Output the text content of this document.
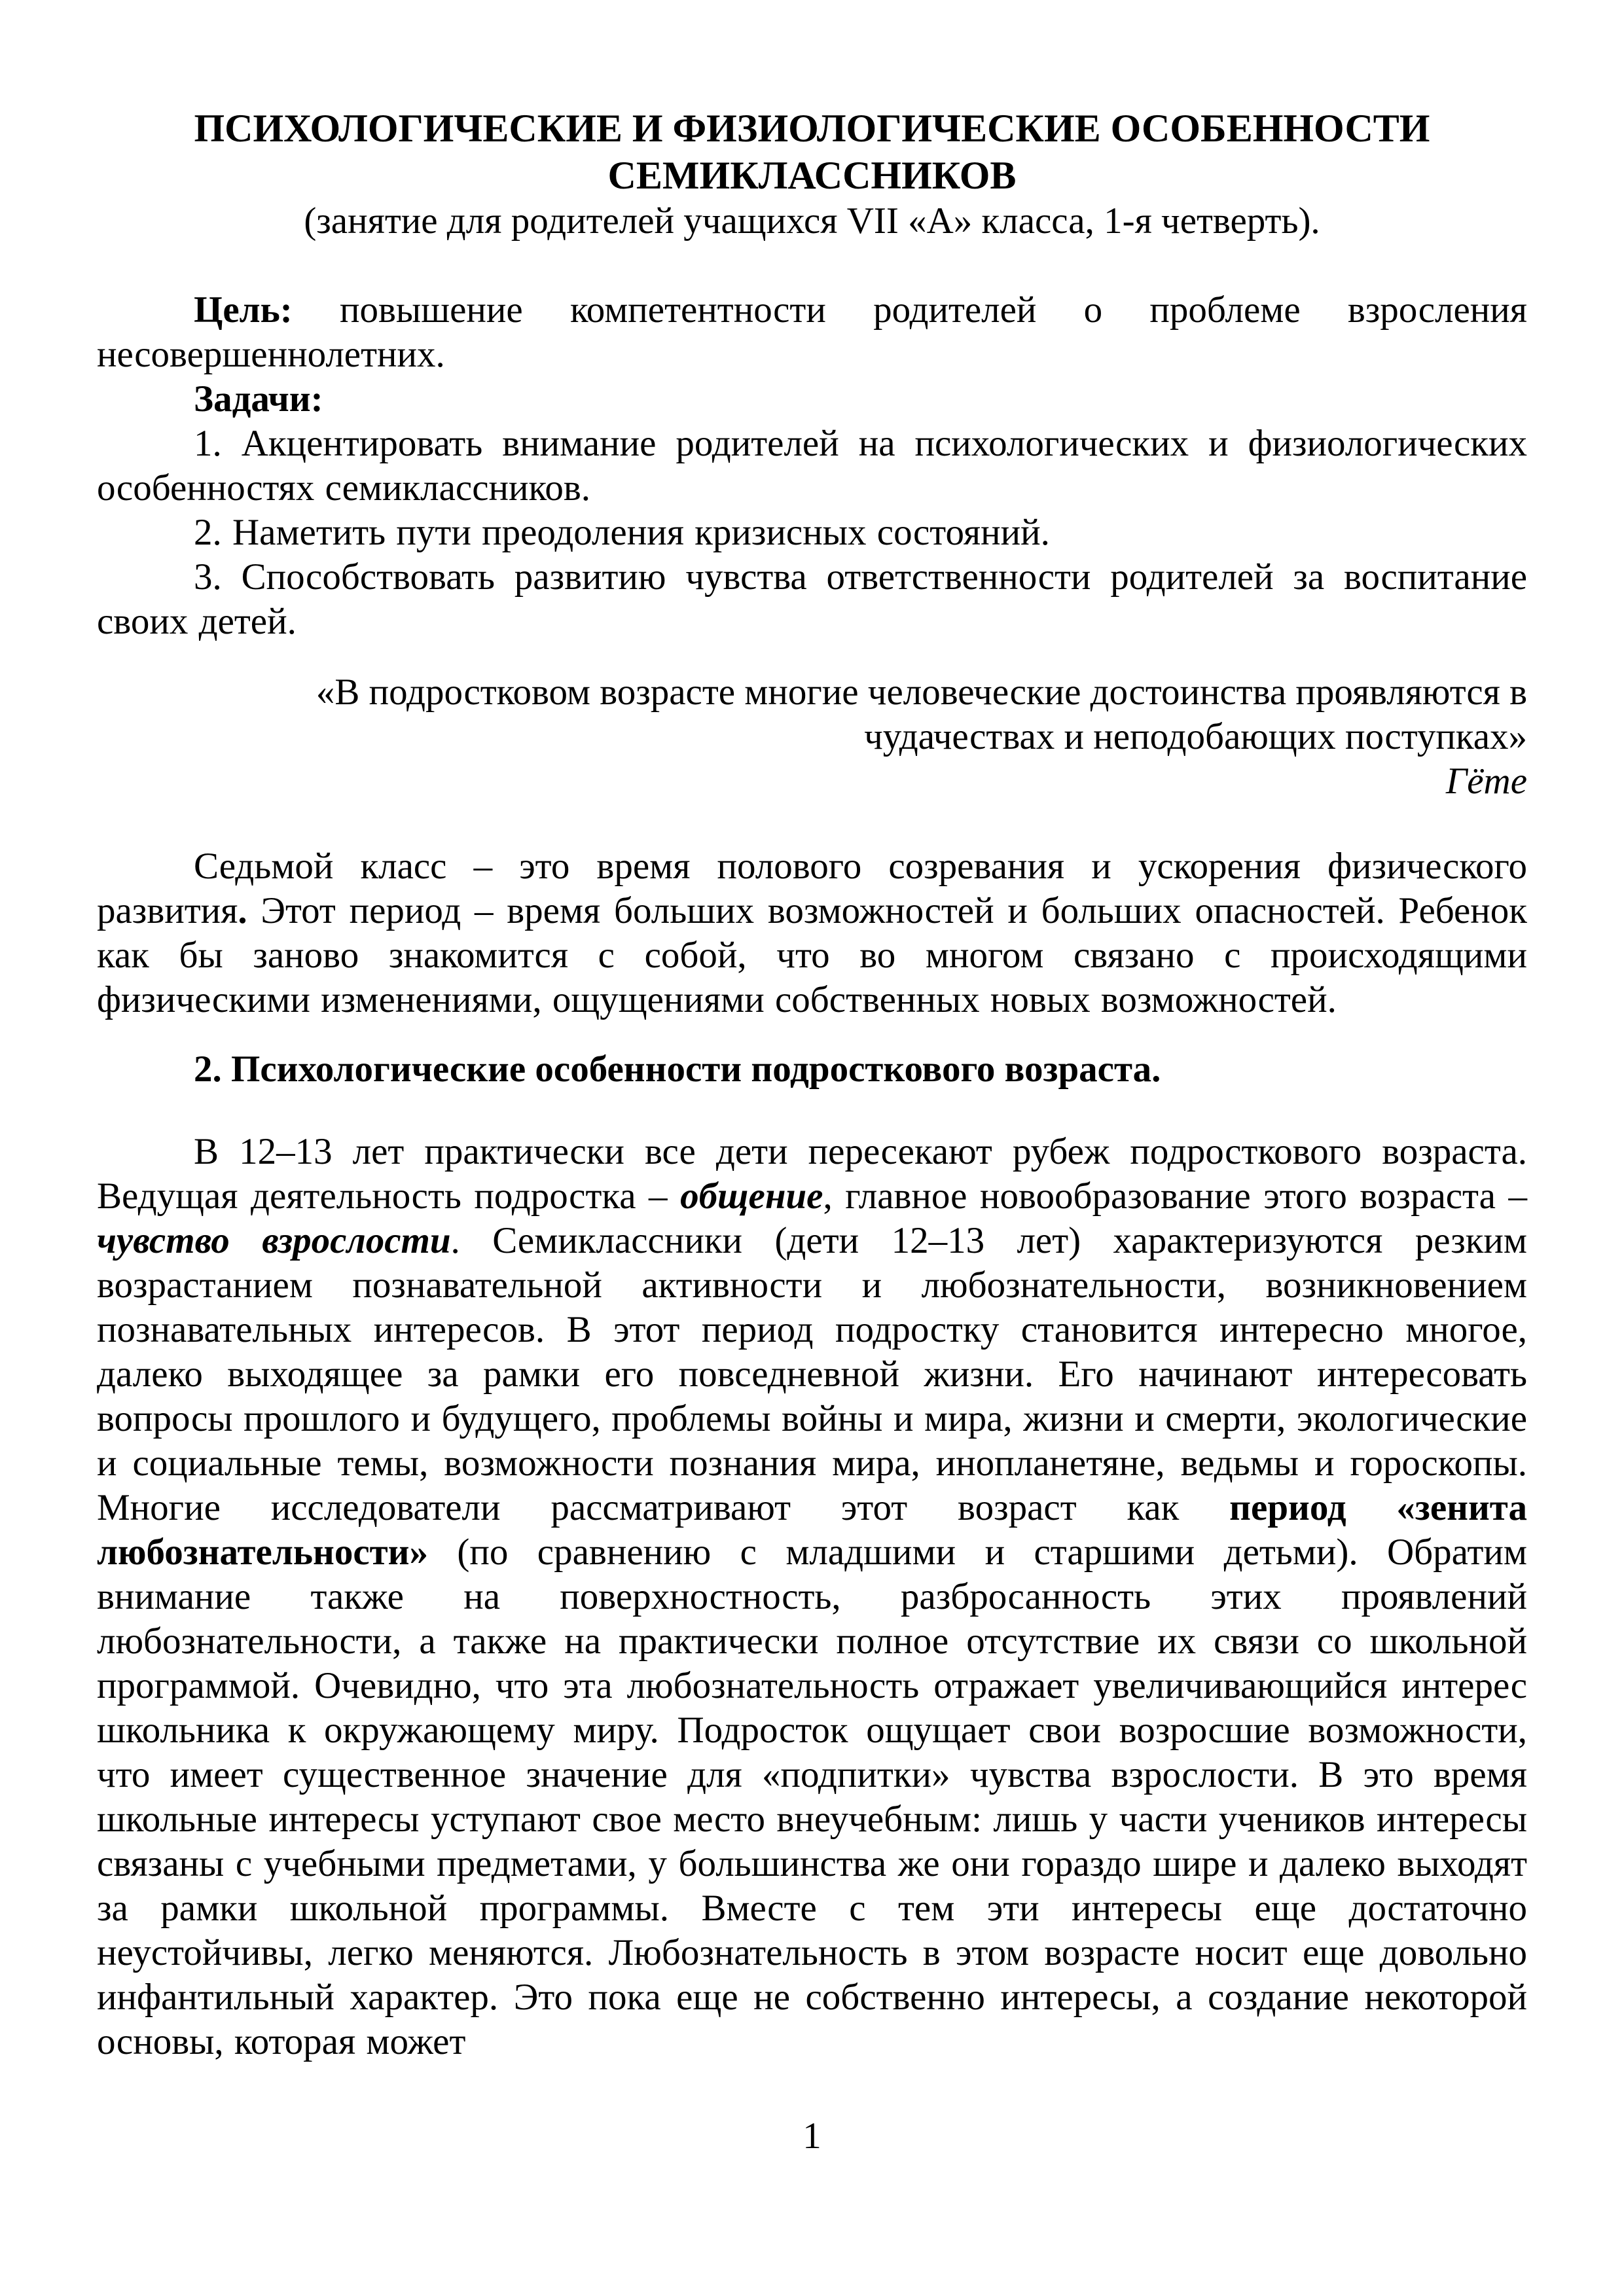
ПСИХОЛОГИЧЕСКИЕ И ФИЗИОЛОГИЧЕСКИЕ ОСОБЕННОСТИ СЕМИКЛАССНИКОВ

(занятие для родителей учащихся VII «А» класса, 1-я четверть).

Цель: повышение компетентности родителей о проблеме взросления несовершеннолетних.

Задачи:

1. Акцентировать внимание родителей на психологических и физиологических особенностях семиклассников.

2. Наметить пути преодоления кризисных состояний.

3. Способствовать развитию чувства ответственности родителей за воспитание своих детей.

«В подростковом возрасте многие человеческие достоинства проявляются в чудачествах и неподобающих поступках»

Гёте

Седьмой класс – это время полового созревания и ускорения физического развития. Этот период – время больших возможностей и больших опасностей. Ребенок как бы заново знакомится с собой, что во многом связано с происходящими физическими изменениями, ощущениями собственных новых возможностей.

2. Психологические особенности подросткового возраста.

В 12–13 лет практически все дети пересекают рубеж подросткового возраста. Ведущая деятельность подростка – общение, главное новообразование этого возраста – чувство взрослости. Семиклассники (дети 12–13 лет) характеризуются резким возрастанием познавательной активности и любознательности, возникновением познавательных интересов. В этот период подростку становится интересно многое, далеко выходящее за рамки его повседневной жизни. Его начинают интересовать вопросы прошлого и будущего, проблемы войны и мира, жизни и смерти, экологические и социальные темы, возможности познания мира, инопланетяне, ведьмы и гороскопы. Многие исследователи рассматривают этот возраст как период «зенита любознательности» (по сравнению с младшими и старшими детьми). Обратим внимание также на поверхностность, разбросанность этих проявлений любознательности, а также на практически полное отсутствие их связи со школьной программой. Очевидно, что эта любознательность отражает увеличивающийся интерес школьника к окружающему миру. Подросток ощущает свои возросшие возможности, что имеет существенное значение для «подпитки» чувства взрослости. В это время школьные интересы уступают свое место внеучебным: лишь у части учеников интересы связаны с учебными предметами, у большинства же они гораздо шире и далеко выходят за рамки школьной программы. Вместе с тем эти интересы еще достаточно неустойчивы, легко меняются. Любознательность в этом возрасте носит еще довольно инфантильный характер. Это пока еще не собственно интересы, а создание некоторой основы, которая может

1
